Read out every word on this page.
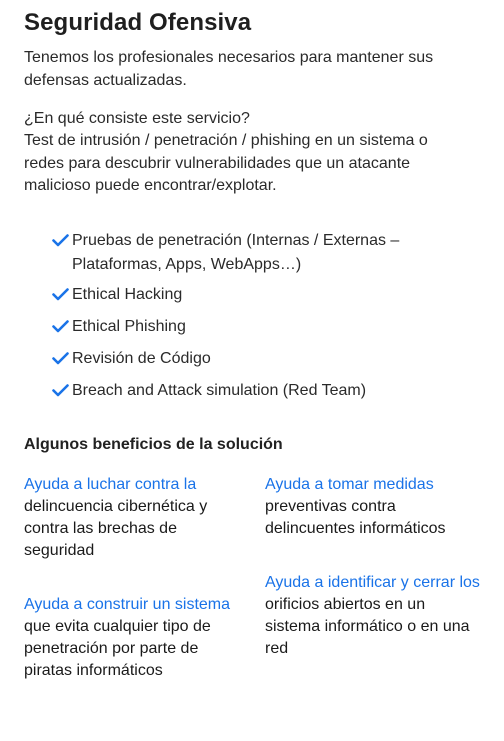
Seguridad Ofensiva

Tenemos los profesionales necesarios para mantener sus defensas actualizadas.

¿En qué consiste este servicio?

Test de intrusión / penetración / phishing en un sistema o redes para descubrir vulnerabilidades que un atacante malicioso puede encontrar/explotar.

Pruebas de penetración (Internas / Externas – Plataformas, Apps, WebApps…)
Ethical Hacking
Ethical Phishing
Revisión de Código
Breach and Attack simulation (Red Team)
Algunos beneficios de la solución
Ayuda a luchar contra la
delincuencia cibernética y contra las brechas de seguridad
Ayuda a tomar medidas
preventivas contra delincuentes informáticos
Ayuda a construir un sistema
que evita cualquier tipo de penetración por parte de piratas informáticos
Ayuda a identificar y cerrar los
orificios abiertos en un sistema informático o en una red
